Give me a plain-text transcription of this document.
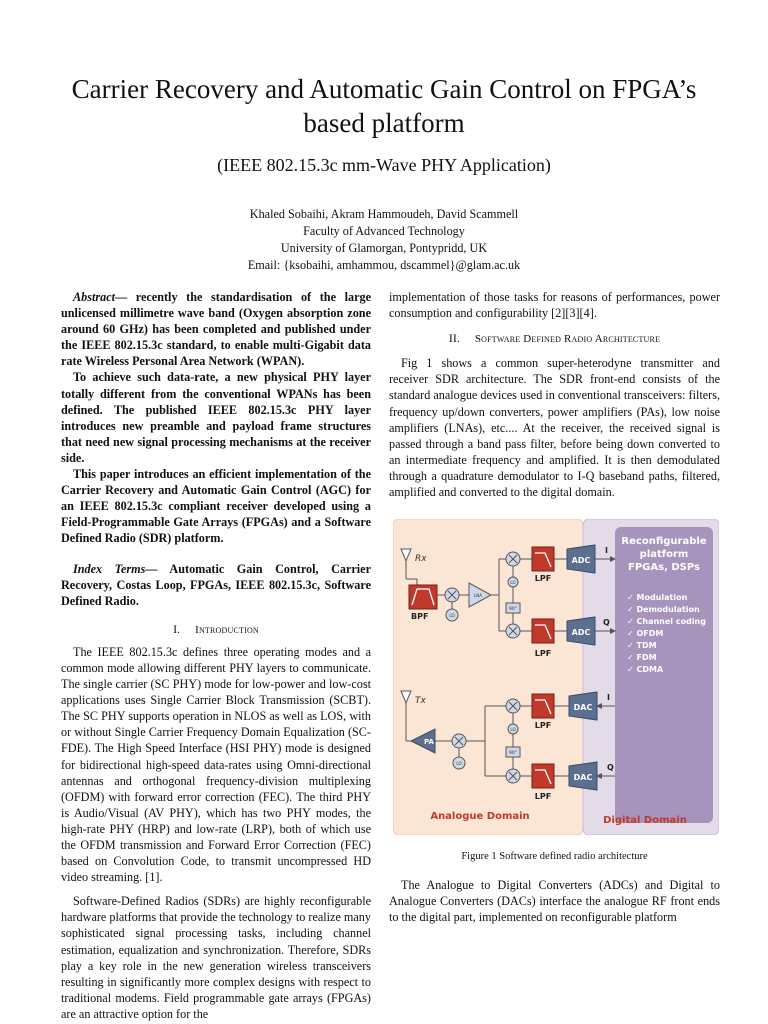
Carrier Recovery and Automatic Gain Control on FPGA’s based platform
(IEEE 802.15.3c mm-Wave PHY Application)
Khaled Sobaihi, Akram Hammoudeh, David Scammell
Faculty of Advanced Technology
University of Glamorgan, Pontypridd, UK
Email: {ksobaihi, amhammou, dscammel}@glam.ac.uk

Abstract— recently the standardisation of the large unlicensed millimetre wave band (Oxygen absorption zone around 60 GHz) has been completed and published under the IEEE 802.15.3c standard, to enable multi-Gigabit data rate Wireless Personal Area Network (WPAN).

To achieve such data-rate, a new physical PHY layer totally different from the conventional WPANs has been defined. The published IEEE 802.15.3c PHY layer introduces new preamble and payload frame structures that need new signal processing mechanisms at the receiver side.

This paper introduces an efficient implementation of the Carrier Recovery and Automatic Gain Control (AGC) for an IEEE 802.15.3c compliant receiver developed using a Field-Programmable Gate Arrays (FPGAs) and a Software Defined Radio (SDR) platform.

Index Terms— Automatic Gain Control, Carrier Recovery, Costas Loop, FPGAs, IEEE 802.15.3c, Software Defined Radio.

I. Introduction

The IEEE 802.15.3c defines three operating modes and a common mode allowing different PHY layers to communicate. The single carrier (SC PHY) mode for low-power and low-cost applications uses Single Carrier Block Transmission (SCBT). The SC PHY supports operation in NLOS as well as LOS, with or without Single Carrier Frequency Domain Equalization (SC-FDE). The High Speed Interface (HSI PHY) mode is designed for bidirectional high-speed data-rates using Omni-directional antennas and orthogonal frequency-division multiplexing (OFDM) with forward error correction (FEC). The third PHY is Audio/Visual (AV PHY), which has two PHY modes, the high-rate PHY (HRP) and low-rate (LRP), both of which use the OFDM transmission and Forward Error Correction (FEC) based on Convolution Code, to transmit uncompressed HD video streaming. [1].

Software-Defined Radios (SDRs) are highly reconfigurable hardware platforms that provide the technology to realize many sophisticated signal processing tasks, including channel estimation, equalization and synchronization. Therefore, SDRs play a key role in the new generation wireless transceivers resulting in significantly more complex designs with respect to traditional modems. Field programmable gate arrays (FPGAs) are an attractive option for the

implementation of those tasks for reasons of performances, power consumption and configurability [2][3][4].

II. Software Defined Radio Architecture

Fig 1 shows a common super-heterodyne transmitter and receiver SDR architecture. The SDR front-end consists of the standard analogue devices used in conventional transceivers: filters, frequency up/down converters, power amplifiers (PAs), low noise amplifiers (LNAs), etc.... At the receiver, the received signal is passed through a band pass filter, before being down converted to an intermediate frequency and amplified. It is then demodulated through a quadrature demodulator to I-Q baseband paths, filtered, amplified and converted to the digital domain.

Reconfigurable
platform
FPGAs, DSPs
✓ Modulation
✓ Demodulation
✓ Channel coding
✓ OFDM
✓ TDM
✓ FDM
✓ CDMA
Rx
BPF	LO
LNA
LO
90°
LPF
LPF
ADC
ADC
I
Q
Tx
PA
LO
LO
90°
LPF
LPF
DAC
DAC
I
Q
Analogue Domain	Digital Domain
Figure 1 Software defined radio architecture

The Analogue to Digital Converters (ADCs) and Digital to Analogue Converters (DACs) interface the analogue RF front ends to the digital part, implemented on reconfigurable platform
